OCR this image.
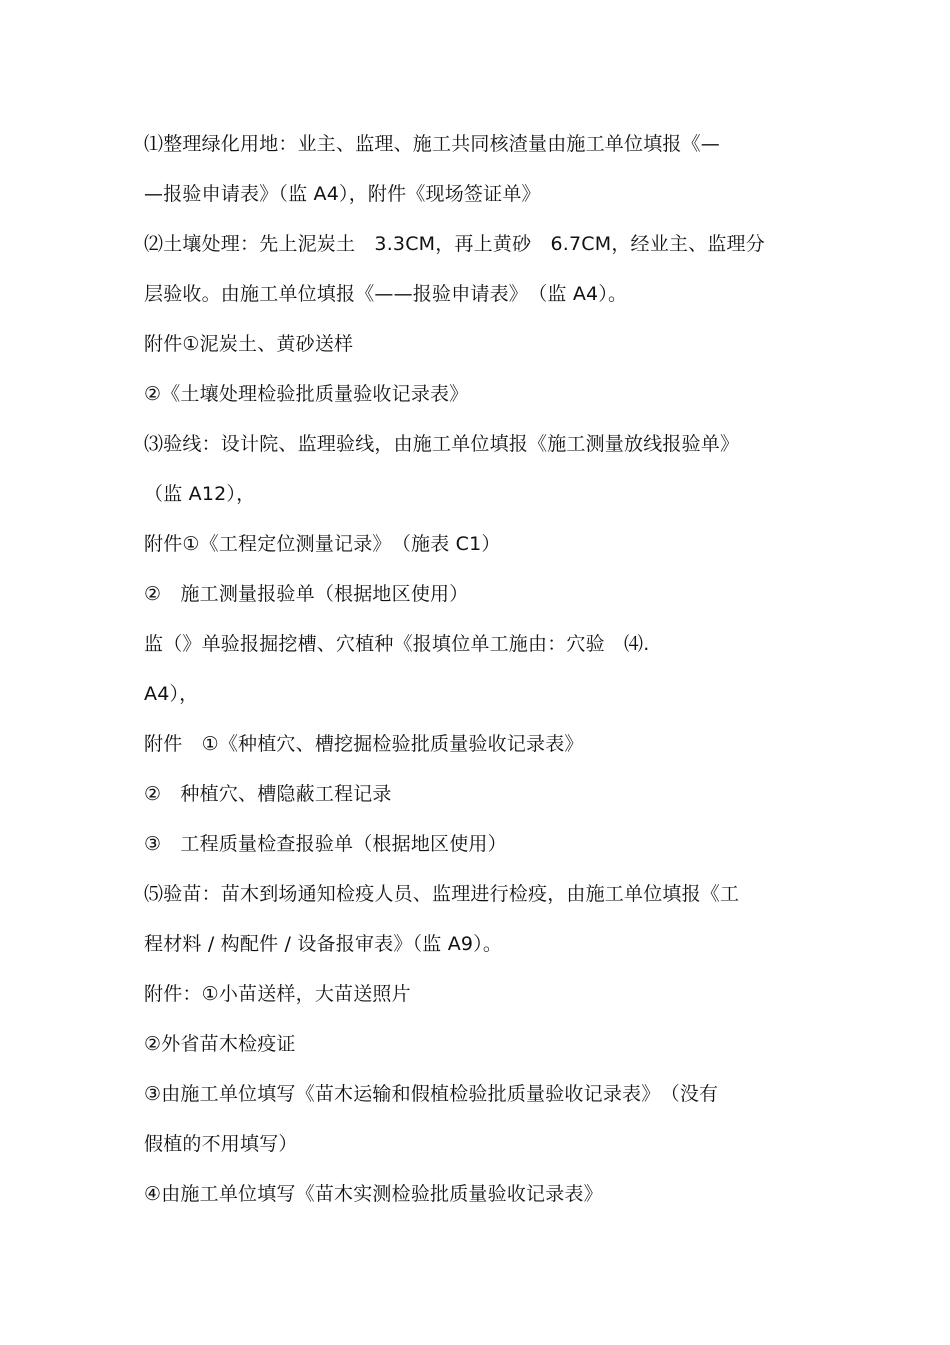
⑴整理绿化用地：业主、监理、施工共同核渣量由施工单位填报《—
—报验申请表》（监 A4），附件《现场签证单》
⑵土壤处理：先上泥炭土　3.3CM，再上黄砂　6.7CM，经业主、监理分
层验收。由施工单位填报《——报验申请表》　（监 A4）。
附件①泥炭土、黄砂送样
②《土壤处理检验批质量验收记录表》
⑶验线：设计院、监理验线，由施工单位填报《施工测量放线报验单》
（监 A12），
附件①《工程定位测量记录》　（施表 C1）
②　施工测量报验单（根据地区使用）
监（》单验报掘挖槽、穴植种《报填位单工施由：穴验　⑷.
A4），
附件　①《种植穴、槽挖掘检验批质量验收记录表》
②　种植穴、槽隐蔽工程记录
③　工程质量检查报验单（根据地区使用）
⑸验苗：苗木到场通知检疫人员、监理进行检疫，由施工单位填报《工
程材料 / 构配件 / 设备报审表》（监 A9）。
附件：①小苗送样，大苗送照片
②外省苗木检疫证
③由施工单位填写《苗木运输和假植检验批质量验收记录表》　（没有
假植的不用填写）
④由施工单位填写《苗木实测检验批质量验收记录表》
